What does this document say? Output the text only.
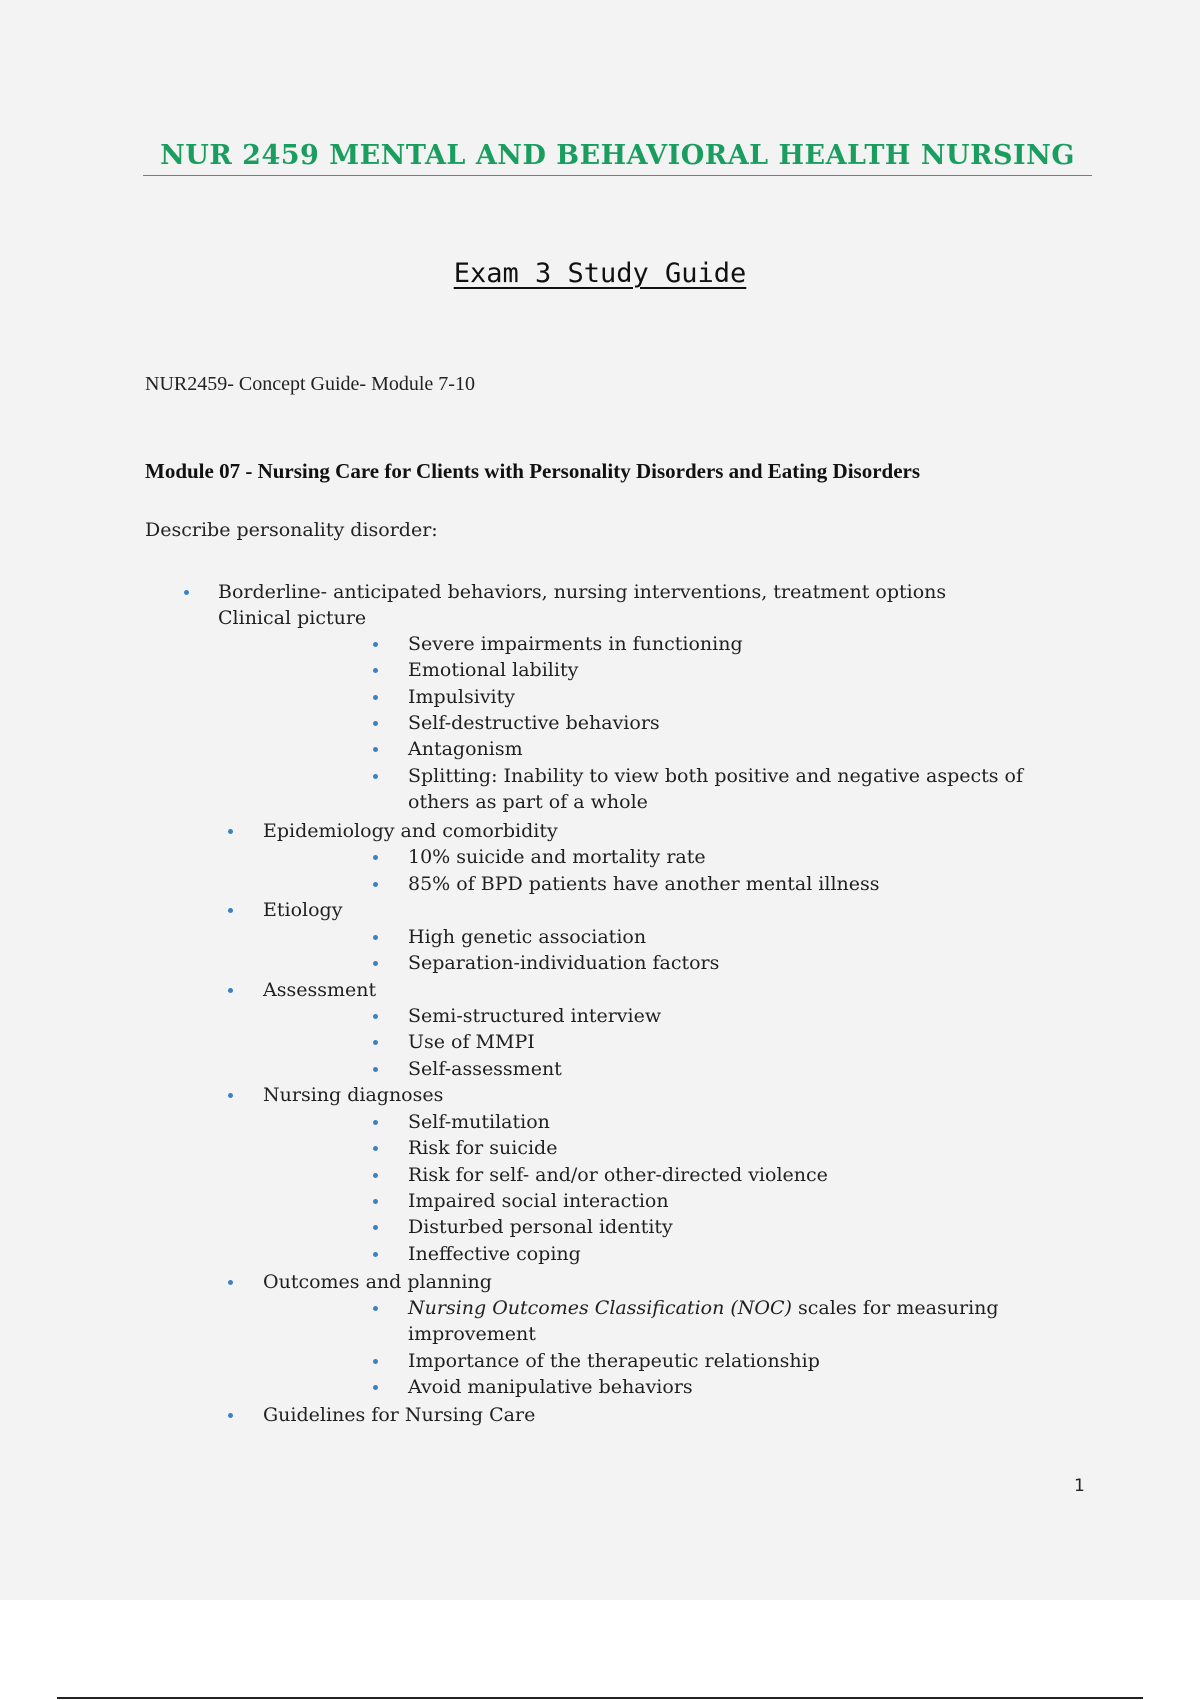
NUR 2459 MENTAL AND BEHAVIORAL HEALTH NURSING
Exam 3 Study Guide
NUR2459- Concept Guide- Module 7-10
Module 07 - Nursing Care for Clients with Personality Disorders and Eating Disorders
Describe personality disorder:
Borderline- anticipated behaviors, nursing interventions, treatment options
Clinical picture
Severe impairments in functioning
Emotional lability
Impulsivity
Self-destructive behaviors
Antagonism
Splitting: Inability to view both positive and negative aspects of
others as part of a whole
Epidemiology and comorbidity
10% suicide and mortality rate
85% of BPD patients have another mental illness
Etiology
High genetic association
Separation-individuation factors
Assessment
Semi-structured interview
Use of MMPI
Self-assessment
Nursing diagnoses
Self-mutilation
Risk for suicide
Risk for self- and/or other-directed violence
Impaired social interaction
Disturbed personal identity
Ineffective coping
Outcomes and planning
Nursing Outcomes Classification (NOC) scales for measuring
improvement
Importance of the therapeutic relationship
Avoid manipulative behaviors
Guidelines for Nursing Care
1
